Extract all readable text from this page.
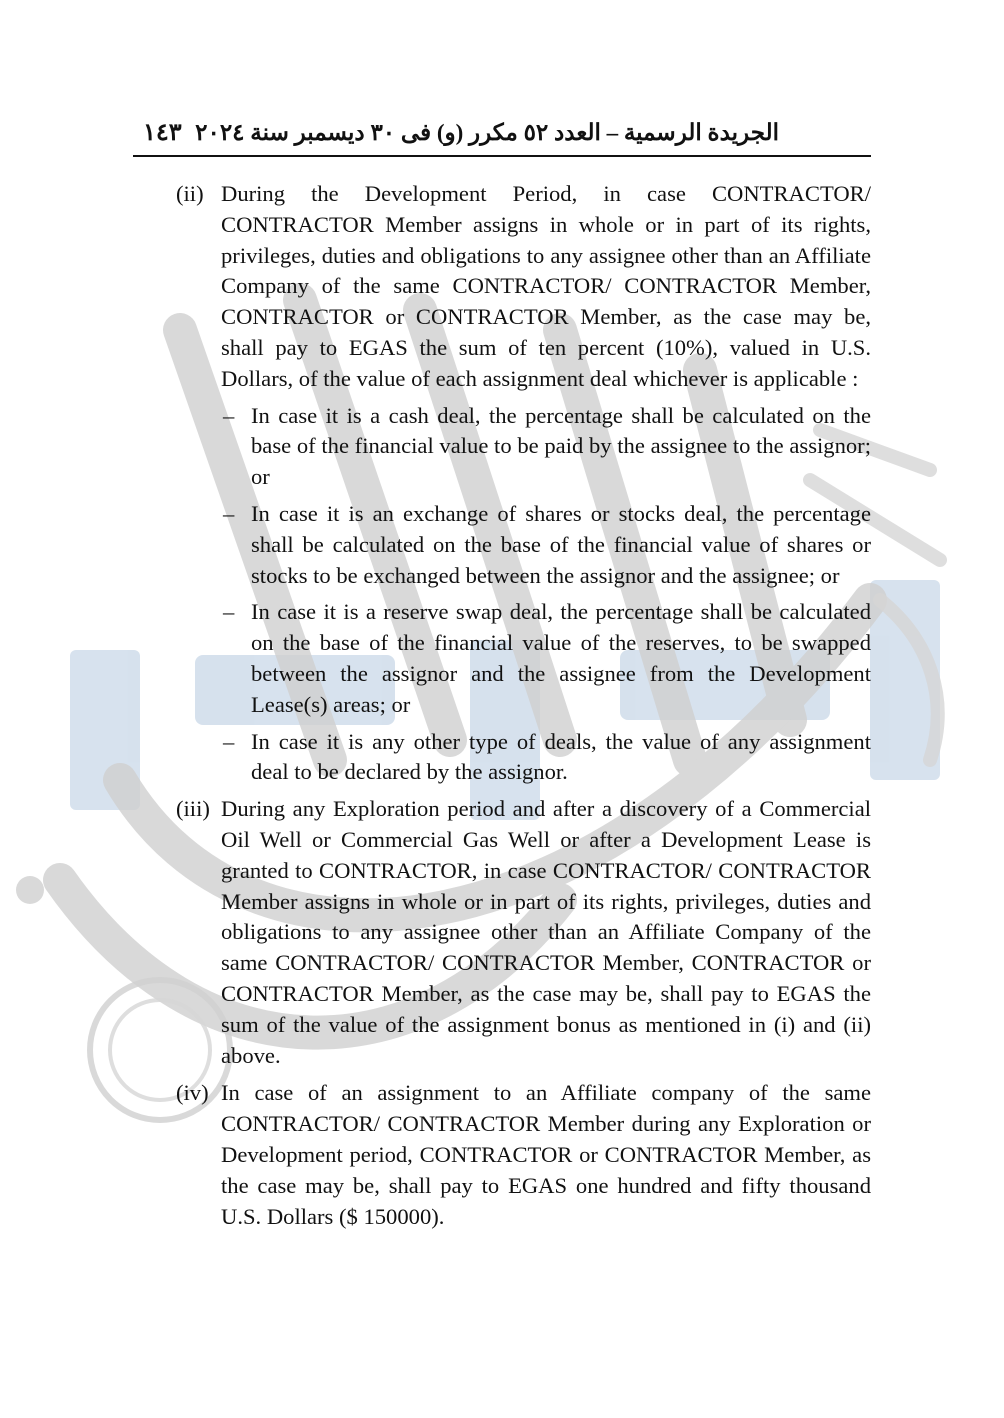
١٤٣ الجريدة الرسمية – العدد ٥٢ مكرر (و) فى ٣٠ ديسمبر سنة ٢٠٢٤
(ii) During the Development Period, in case CONTRACTOR/ CONTRACTOR Member assigns in whole or in part of its rights, privileges, duties and obligations to any assignee other than an Affiliate Company of the same CONTRACTOR/ CONTRACTOR Member, CONTRACTOR or CONTRACTOR Member, as the case may be, shall pay to EGAS the sum of ten percent (10%), valued in U.S. Dollars, of the value of each assignment deal whichever is applicable :
– In case it is a cash deal, the percentage shall be calculated on the base of the financial value to be paid by the assignee to the assignor; or
– In case it is an exchange of shares or stocks deal, the percentage shall be calculated on the base of the financial value of shares or stocks to be exchanged between the assignor and the assignee; or
– In case it is a reserve swap deal, the percentage shall be calculated on the base of the financial value of the reserves, to be swapped between the assignor and the assignee from the Development Lease(s) areas; or
– In case it is any other type of deals, the value of any assignment deal to be declared by the assignor.
(iii) During any Exploration period and after a discovery of a Commercial Oil Well or Commercial Gas Well or after a Development Lease is granted to CONTRACTOR, in case CONTRACTOR/ CONTRACTOR Member assigns in whole or in part of its rights, privileges, duties and obligations to any assignee other than an Affiliate Company of the same CONTRACTOR/ CONTRACTOR Member, CONTRACTOR or CONTRACTOR Member, as the case may be, shall pay to EGAS the sum of the value of the assignment bonus as mentioned in (i) and (ii) above.
(iv) In case of an assignment to an Affiliate company of the same CONTRACTOR/ CONTRACTOR Member during any Exploration or Development period, CONTRACTOR or CONTRACTOR Member, as the case may be, shall pay to EGAS one hundred and fifty thousand U.S. Dollars ($ 150000).
